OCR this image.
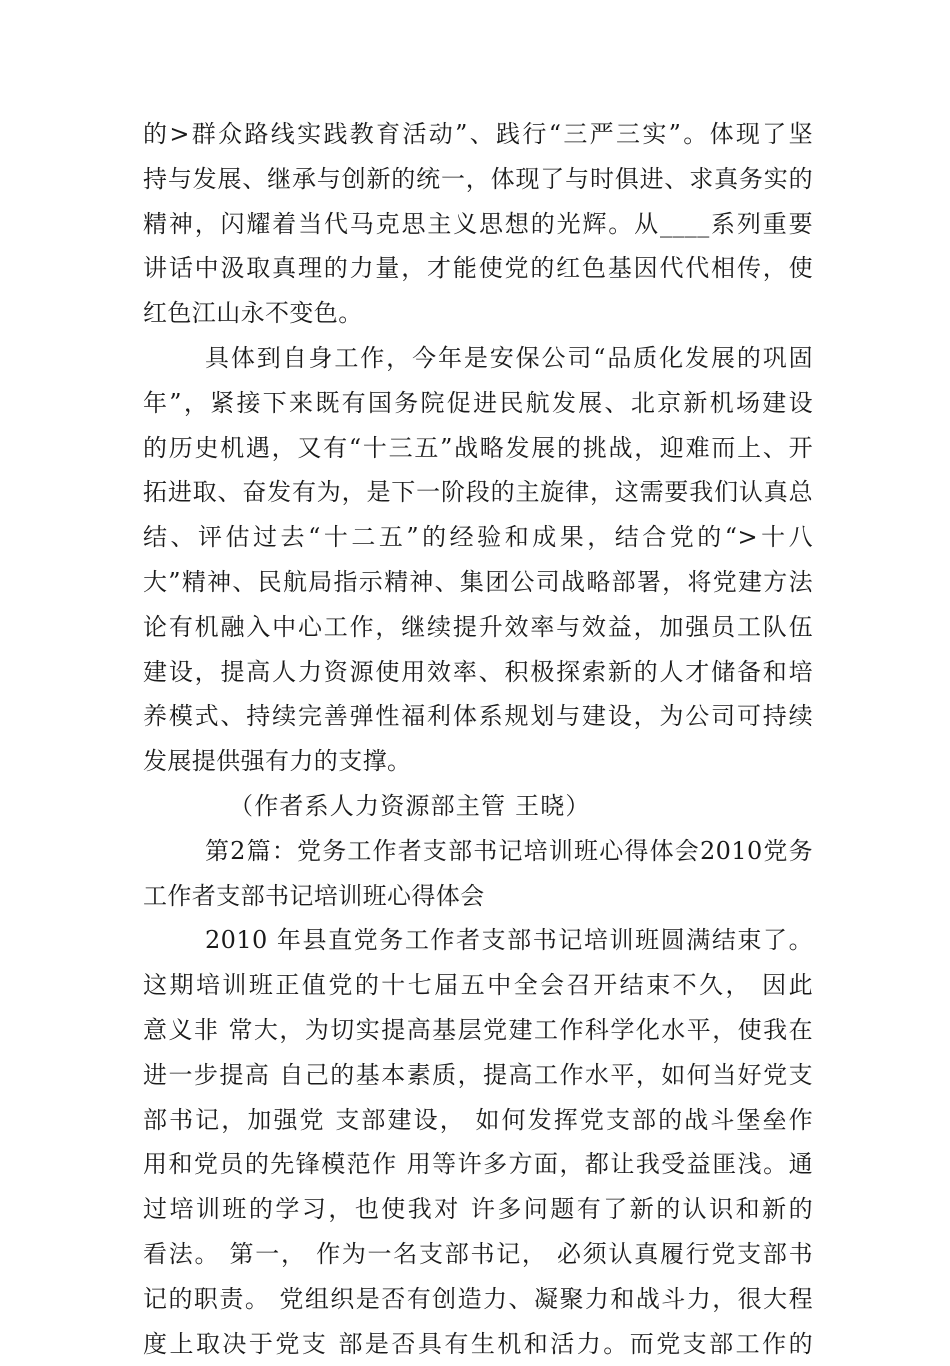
的>群众路线实践教育活动”、践行“三严三实”。体现了坚
持与发展、继承与创新的统一，体现了与时俱进、求真务实的
精神，闪耀着当代马克思主义思想的光辉。从____系列重要
讲话中汲取真理的力量，才能使党的红色基因代代相传，使
红色江山永不变色。
具体到自身工作，今年是安保公司“品质化发展的巩固
年”，紧接下来既有国务院促进民航发展、北京新机场建设
的历史机遇，又有“十三五”战略发展的挑战，迎难而上、开
拓进取、奋发有为，是下一阶段的主旋律，这需要我们认真总
结、评估过去“十二五”的经验和成果，结合党的“>十八
大”精神、民航局指示精神、集团公司战略部署，将党建方法
论有机融入中心工作，继续提升效率与效益，加强员工队伍
建设，提高人力资源使用效率、积极探索新的人才储备和培
养模式、持续完善弹性福利体系规划与建设，为公司可持续
发展提供强有力的支撑。
（作者系人力资源部主管 王晓）
第2篇：党务工作者支部书记培训班心得体会2010党务
工作者支部书记培训班心得体会
2010 年县直党务工作者支部书记培训班圆满结束了。
这期培训班正值党的十七届五中全会召开结束不久， 因此
意义非 常大，为切实提高基层党建工作科学化水平，使我在
进一步提高 自己的基本素质，提高工作水平，如何当好党支
部书记，加强党 支部建设， 如何发挥党支部的战斗堡垒作
用和党员的先锋模范作 用等许多方面，都让我受益匪浅。通
过培训班的学习，也使我对 许多问题有了新的认识和新的
看法。 第一， 作为一名支部书记， 必须认真履行党支部书
记的职责。 党组织是否有创造力、凝聚力和战斗力，很大程
度上取决于党支 部是否具有生机和活力。而党支部工作的
